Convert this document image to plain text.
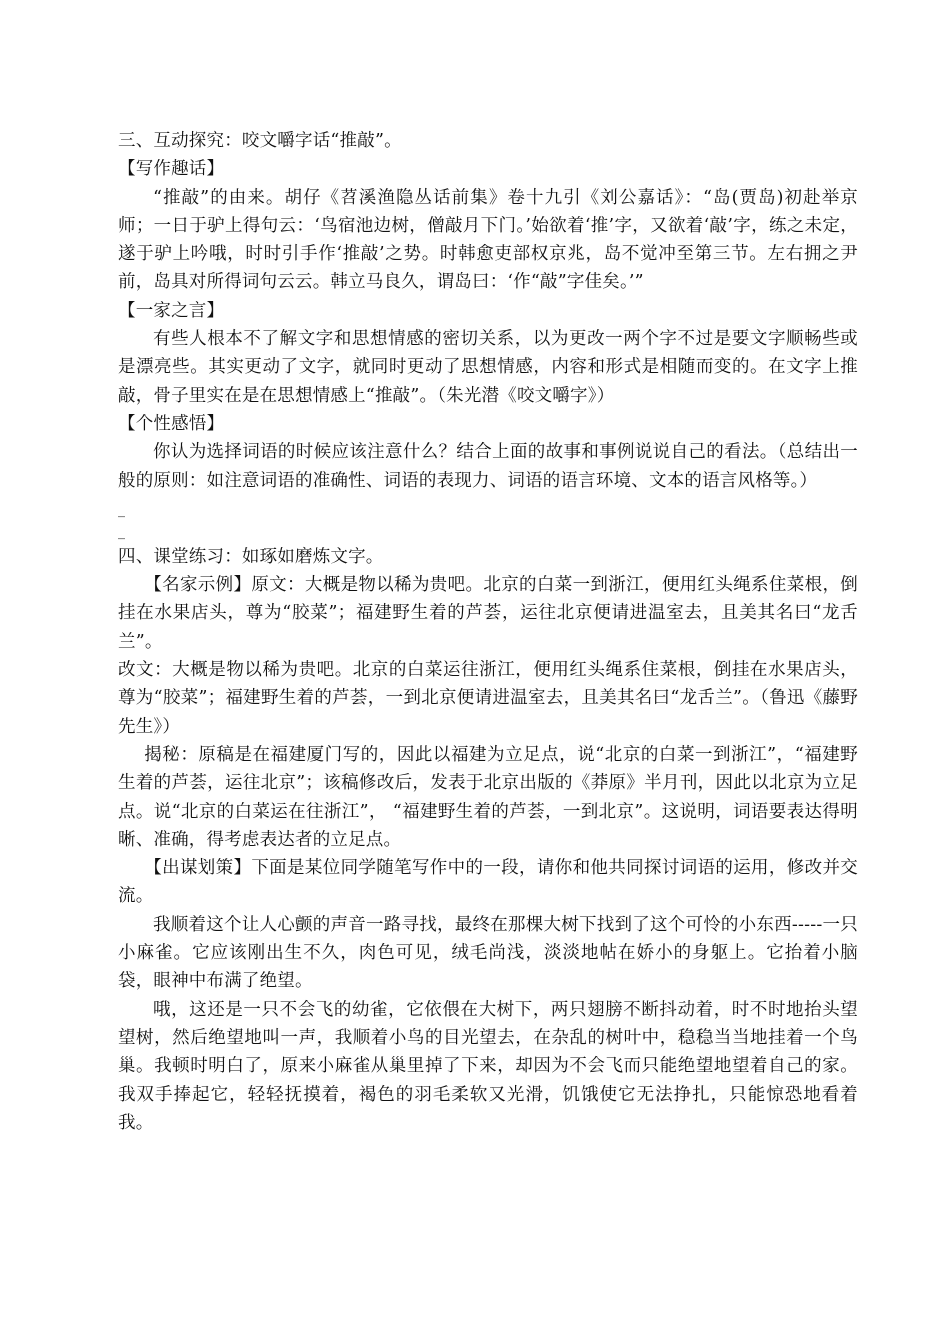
三、互动探究：咬文嚼字话“推敲”。
【写作趣话】

“推敲”的由来。胡仔《苕溪渔隐丛话前集》卷十九引《刘公嘉话》：“岛(贾岛)初赴举京师；一日于驴上得句云：‘鸟宿池边树，僧敲月下门。’始欲着‘推’字，又欲着‘敲’字，练之未定，遂于驴上吟哦，时时引手作‘推敲’之势。时韩愈吏部权京兆，岛不觉冲至第三节。左右拥之尹前，岛具对所得词句云云。韩立马良久，谓岛曰：‘作“敲”字佳矣。’”

【一家之言】

有些人根本不了解文字和思想情感的密切关系，以为更改一两个字不过是要文字顺畅些或是漂亮些。其实更动了文字，就同时更动了思想情感，内容和形式是相随而变的。在文字上推敲，骨子里实在是在思想情感上“推敲”。（朱光潜《咬文嚼字》）

【个性感悟】

你认为选择词语的时候应该注意什么？结合上面的故事和事例说说自己的看法。（总结出一般的原则：如注意词语的准确性、词语的表现力、词语的语言环境、文本的语言风格等。）

_
_
四、课堂练习：如琢如磨炼文字。

【名家示例】原文：大概是物以稀为贵吧。北京的白菜一到浙江，便用红头绳系住菜根，倒挂在水果店头，尊为“胶菜”；福建野生着的芦荟，运往北京便请进温室去，且美其名曰“龙舌兰”。

改文：大概是物以稀为贵吧。北京的白菜运往浙江，便用红头绳系住菜根，倒挂在水果店头，尊为“胶菜”；福建野生着的芦荟，一到北京便请进温室去，且美其名曰“龙舌兰”。（鲁迅《藤野先生》）

揭秘：原稿是在福建厦门写的，因此以福建为立足点，说“北京的白菜一到浙江”，“福建野生着的芦荟，运往北京”；该稿修改后，发表于北京出版的《莽原》半月刊，因此以北京为立足点。说“北京的白菜运在往浙江”， “福建野生着的芦荟，一到北京”。这说明，词语要表达得明晰、准确，得考虑表达者的立足点。

【出谋划策】下面是某位同学随笔写作中的一段，请你和他共同探讨词语的运用，修改并交流。

我顺着这个让人心颤的声音一路寻找，最终在那棵大树下找到了这个可怜的小东西-----一只小麻雀。它应该刚出生不久，肉色可见，绒毛尚浅，淡淡地帖在娇小的身躯上。它抬着小脑袋，眼神中布满了绝望。

哦，这还是一只不会飞的幼雀，它依偎在大树下，两只翅膀不断抖动着，时不时地抬头望望树，然后绝望地叫一声，我顺着小鸟的目光望去，在杂乱的树叶中，稳稳当当地挂着一个鸟巢。我顿时明白了，原来小麻雀从巢里掉了下来，却因为不会飞而只能绝望地望着自己的家。我双手捧起它，轻轻抚摸着，褐色的羽毛柔软又光滑，饥饿使它无法挣扎，只能惊恐地看着我。
